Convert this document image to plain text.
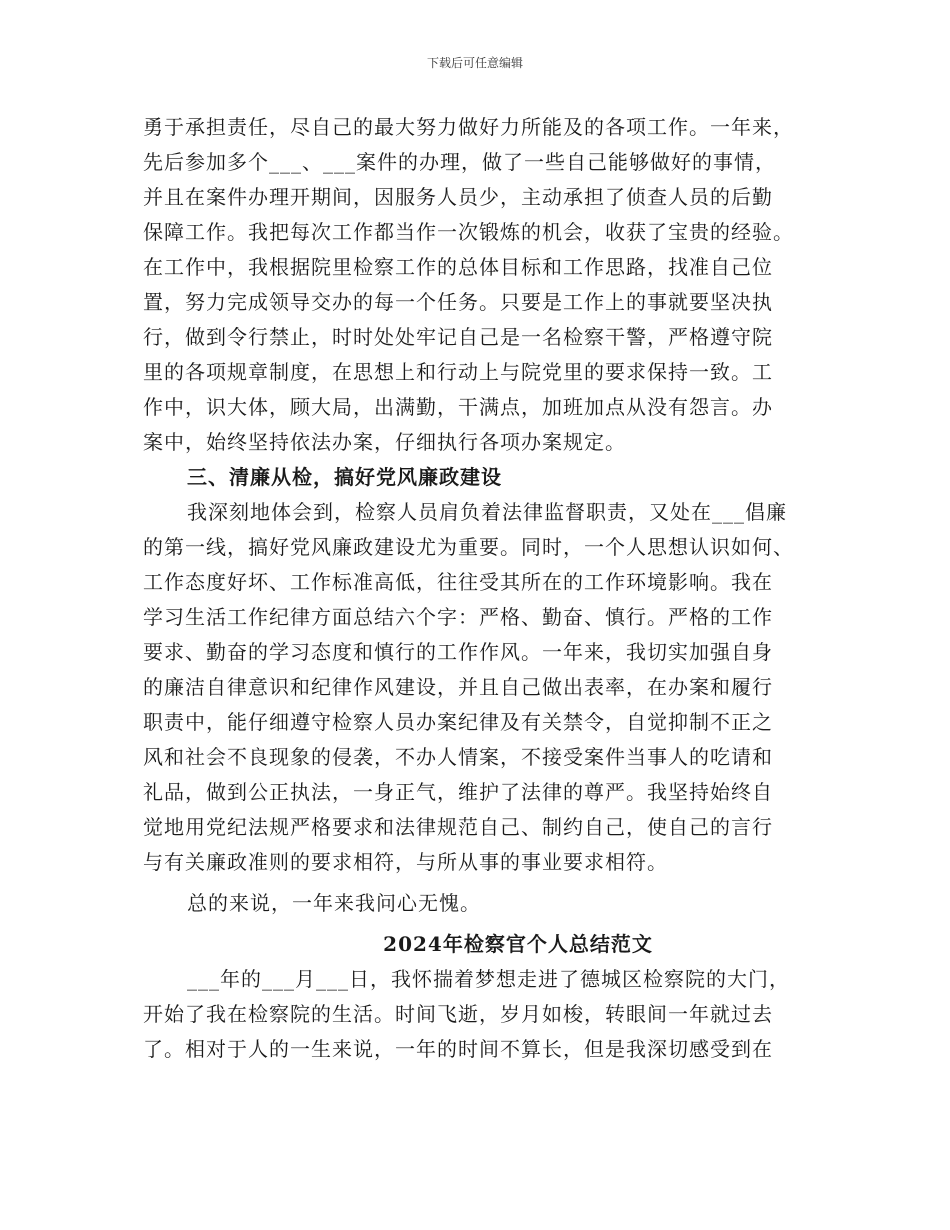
下载后可任意编辑
勇于承担责任，尽自己的最大努力做好力所能及的各项工作。一年来，
先后参加多个___、___案件的办理，做了一些自己能够做好的事情，
并且在案件办理开期间，因服务人员少，主动承担了侦查人员的后勤
保障工作。我把每次工作都当作一次锻炼的机会，收获了宝贵的经验。
在工作中，我根据院里检察工作的总体目标和工作思路，找准自己位
置，努力完成领导交办的每一个任务。只要是工作上的事就要坚决执
行，做到令行禁止，时时处处牢记自己是一名检察干警，严格遵守院
里的各项规章制度，在思想上和行动上与院党里的要求保持一致。工
作中，识大体，顾大局，出满勤，干满点，加班加点从没有怨言。办
案中，始终坚持依法办案，仔细执行各项办案规定。
三、清廉从检，搞好党风廉政建设
我深刻地体会到，检察人员肩负着法律监督职责，又处在___倡廉
的第一线，搞好党风廉政建设尤为重要。同时，一个人思想认识如何、
工作态度好坏、工作标准高低，往往受其所在的工作环境影响。我在
学习生活工作纪律方面总结六个字：严格、勤奋、慎行。严格的工作
要求、勤奋的学习态度和慎行的工作作风。一年来，我切实加强自身
的廉洁自律意识和纪律作风建设，并且自己做出表率，在办案和履行
职责中，能仔细遵守检察人员办案纪律及有关禁令，自觉抑制不正之
风和社会不良现象的侵袭，不办人情案，不接受案件当事人的吃请和
礼品，做到公正执法，一身正气，维护了法律的尊严。我坚持始终自
觉地用党纪法规严格要求和法律规范自己、制约自己，使自己的言行
与有关廉政准则的要求相符，与所从事的事业要求相符。
总的来说，一年来我问心无愧。
2024年检察官个人总结范文
___年的___月___日，我怀揣着梦想走进了德城区检察院的大门，
开始了我在检察院的生活。时间飞逝，岁月如梭，转眼间一年就过去
了。相对于人的一生来说，一年的时间不算长，但是我深切感受到在
